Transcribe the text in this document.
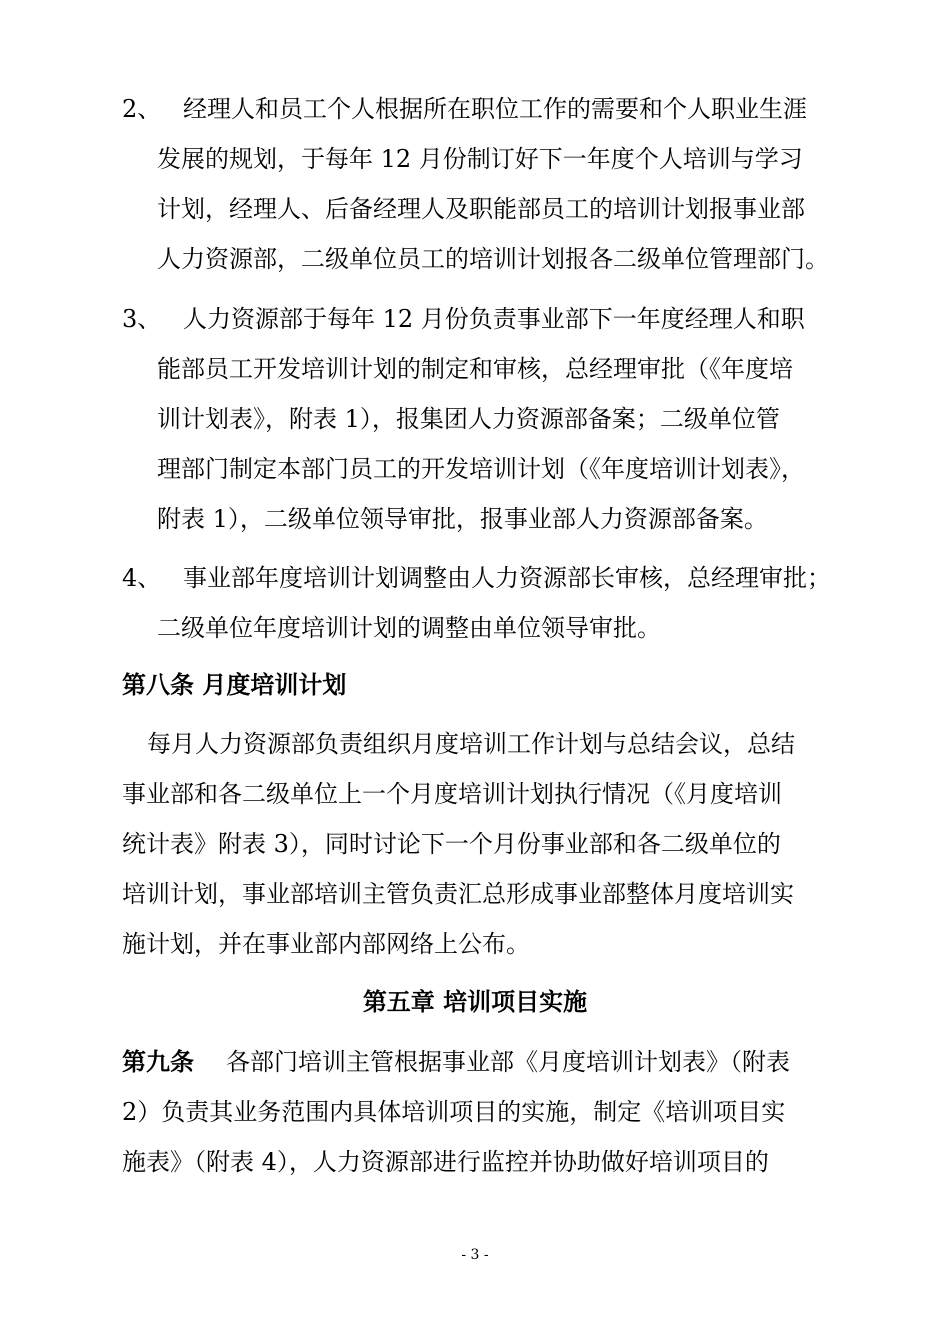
2、 经理人和员工个人根据所在职位工作的需要和个人职业生涯
发展的规划，于每年 12 月份制订好下一年度个人培训与学习
计划，经理人、后备经理人及职能部员工的培训计划报事业部
人力资源部，二级单位员工的培训计划报各二级单位管理部门。
3、 人力资源部于每年 12 月份负责事业部下一年度经理人和职
能部员工开发培训计划的制定和审核，总经理审批（《年度培
训计划表》，附表 1），报集团人力资源部备案；二级单位管
理部门制定本部门员工的开发培训计划（《年度培训计划表》，
附表 1），二级单位领导审批，报事业部人力资源部备案。
4、 事业部年度培训计划调整由人力资源部长审核，总经理审批；
二级单位年度培训计划的调整由单位领导审批。
第八条 月度培训计划
每月人力资源部负责组织月度培训工作计划与总结会议，总结
事业部和各二级单位上一个月度培训计划执行情况（《月度培训
统计表》附表 3），同时讨论下一个月份事业部和各二级单位的
培训计划，事业部培训主管负责汇总形成事业部整体月度培训实
施计划，并在事业部内部网络上公布。
第五章 培训项目实施
第九条 各部门培训主管根据事业部《月度培训计划表》（附表
2）负责其业务范围内具体培训项目的实施，制定《培训项目实
施表》（附表 4），人力资源部进行监控并协助做好培训项目的
- 3 -
